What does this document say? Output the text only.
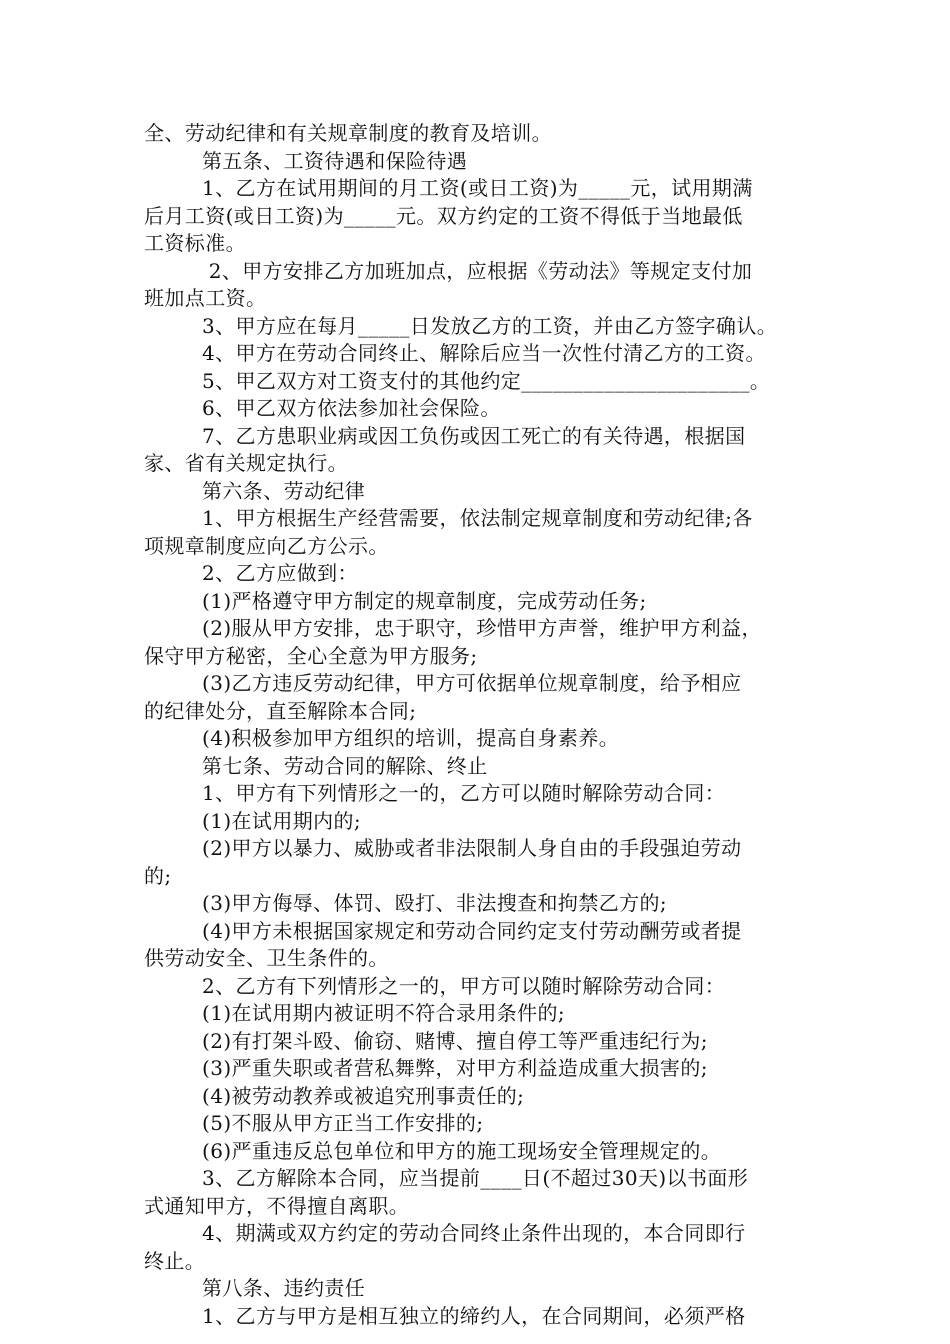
全、劳动纪律和有关规章制度的教育及培训。
第五条、工资待遇和保险待遇
1、乙方在试用期间的月工资(或日工资)为_____元，试用期满
后月工资(或日工资)为_____元。双方约定的工资不得低于当地最低
工资标准。
2、甲方安排乙方加班加点，应根据《劳动法》等规定支付加
班加点工资。
3、甲方应在每月_____日发放乙方的工资，并由乙方签字确认。
4、甲方在劳动合同终止、解除后应当一次性付清乙方的工资。
5、甲乙双方对工资支付的其他约定______________________。
6、甲乙双方依法参加社会保险。
7、乙方患职业病或因工负伤或因工死亡的有关待遇，根据国
家、省有关规定执行。
第六条、劳动纪律
1、甲方根据生产经营需要，依法制定规章制度和劳动纪律;各
项规章制度应向乙方公示。
2、乙方应做到：
(1)严格遵守甲方制定的规章制度，完成劳动任务;
(2)服从甲方安排，忠于职守，珍惜甲方声誉，维护甲方利益，
保守甲方秘密，全心全意为甲方服务;
(3)乙方违反劳动纪律，甲方可依据单位规章制度，给予相应
的纪律处分，直至解除本合同;
(4)积极参加甲方组织的培训，提高自身素养。
第七条、劳动合同的解除、终止
1、甲方有下列情形之一的，乙方可以随时解除劳动合同：
(1)在试用期内的;
(2)甲方以暴力、威胁或者非法限制人身自由的手段强迫劳动
的;
(3)甲方侮辱、体罚、殴打、非法搜查和拘禁乙方的;
(4)甲方未根据国家规定和劳动合同约定支付劳动酬劳或者提
供劳动安全、卫生条件的。
2、乙方有下列情形之一的，甲方可以随时解除劳动合同：
(1)在试用期内被证明不符合录用条件的;
(2)有打架斗殴、偷窃、赌博、擅自停工等严重违纪行为;
(3)严重失职或者营私舞弊，对甲方利益造成重大损害的;
(4)被劳动教养或被追究刑事责任的;
(5)不服从甲方正当工作安排的;
(6)严重违反总包单位和甲方的施工现场安全管理规定的。
3、乙方解除本合同，应当提前____日(不超过30天)以书面形
式通知甲方，不得擅自离职。
4、期满或双方约定的劳动合同终止条件出现的，本合同即行
终止。
第八条、违约责任
1、乙方与甲方是相互独立的缔约人，在合同期间，必须严格
